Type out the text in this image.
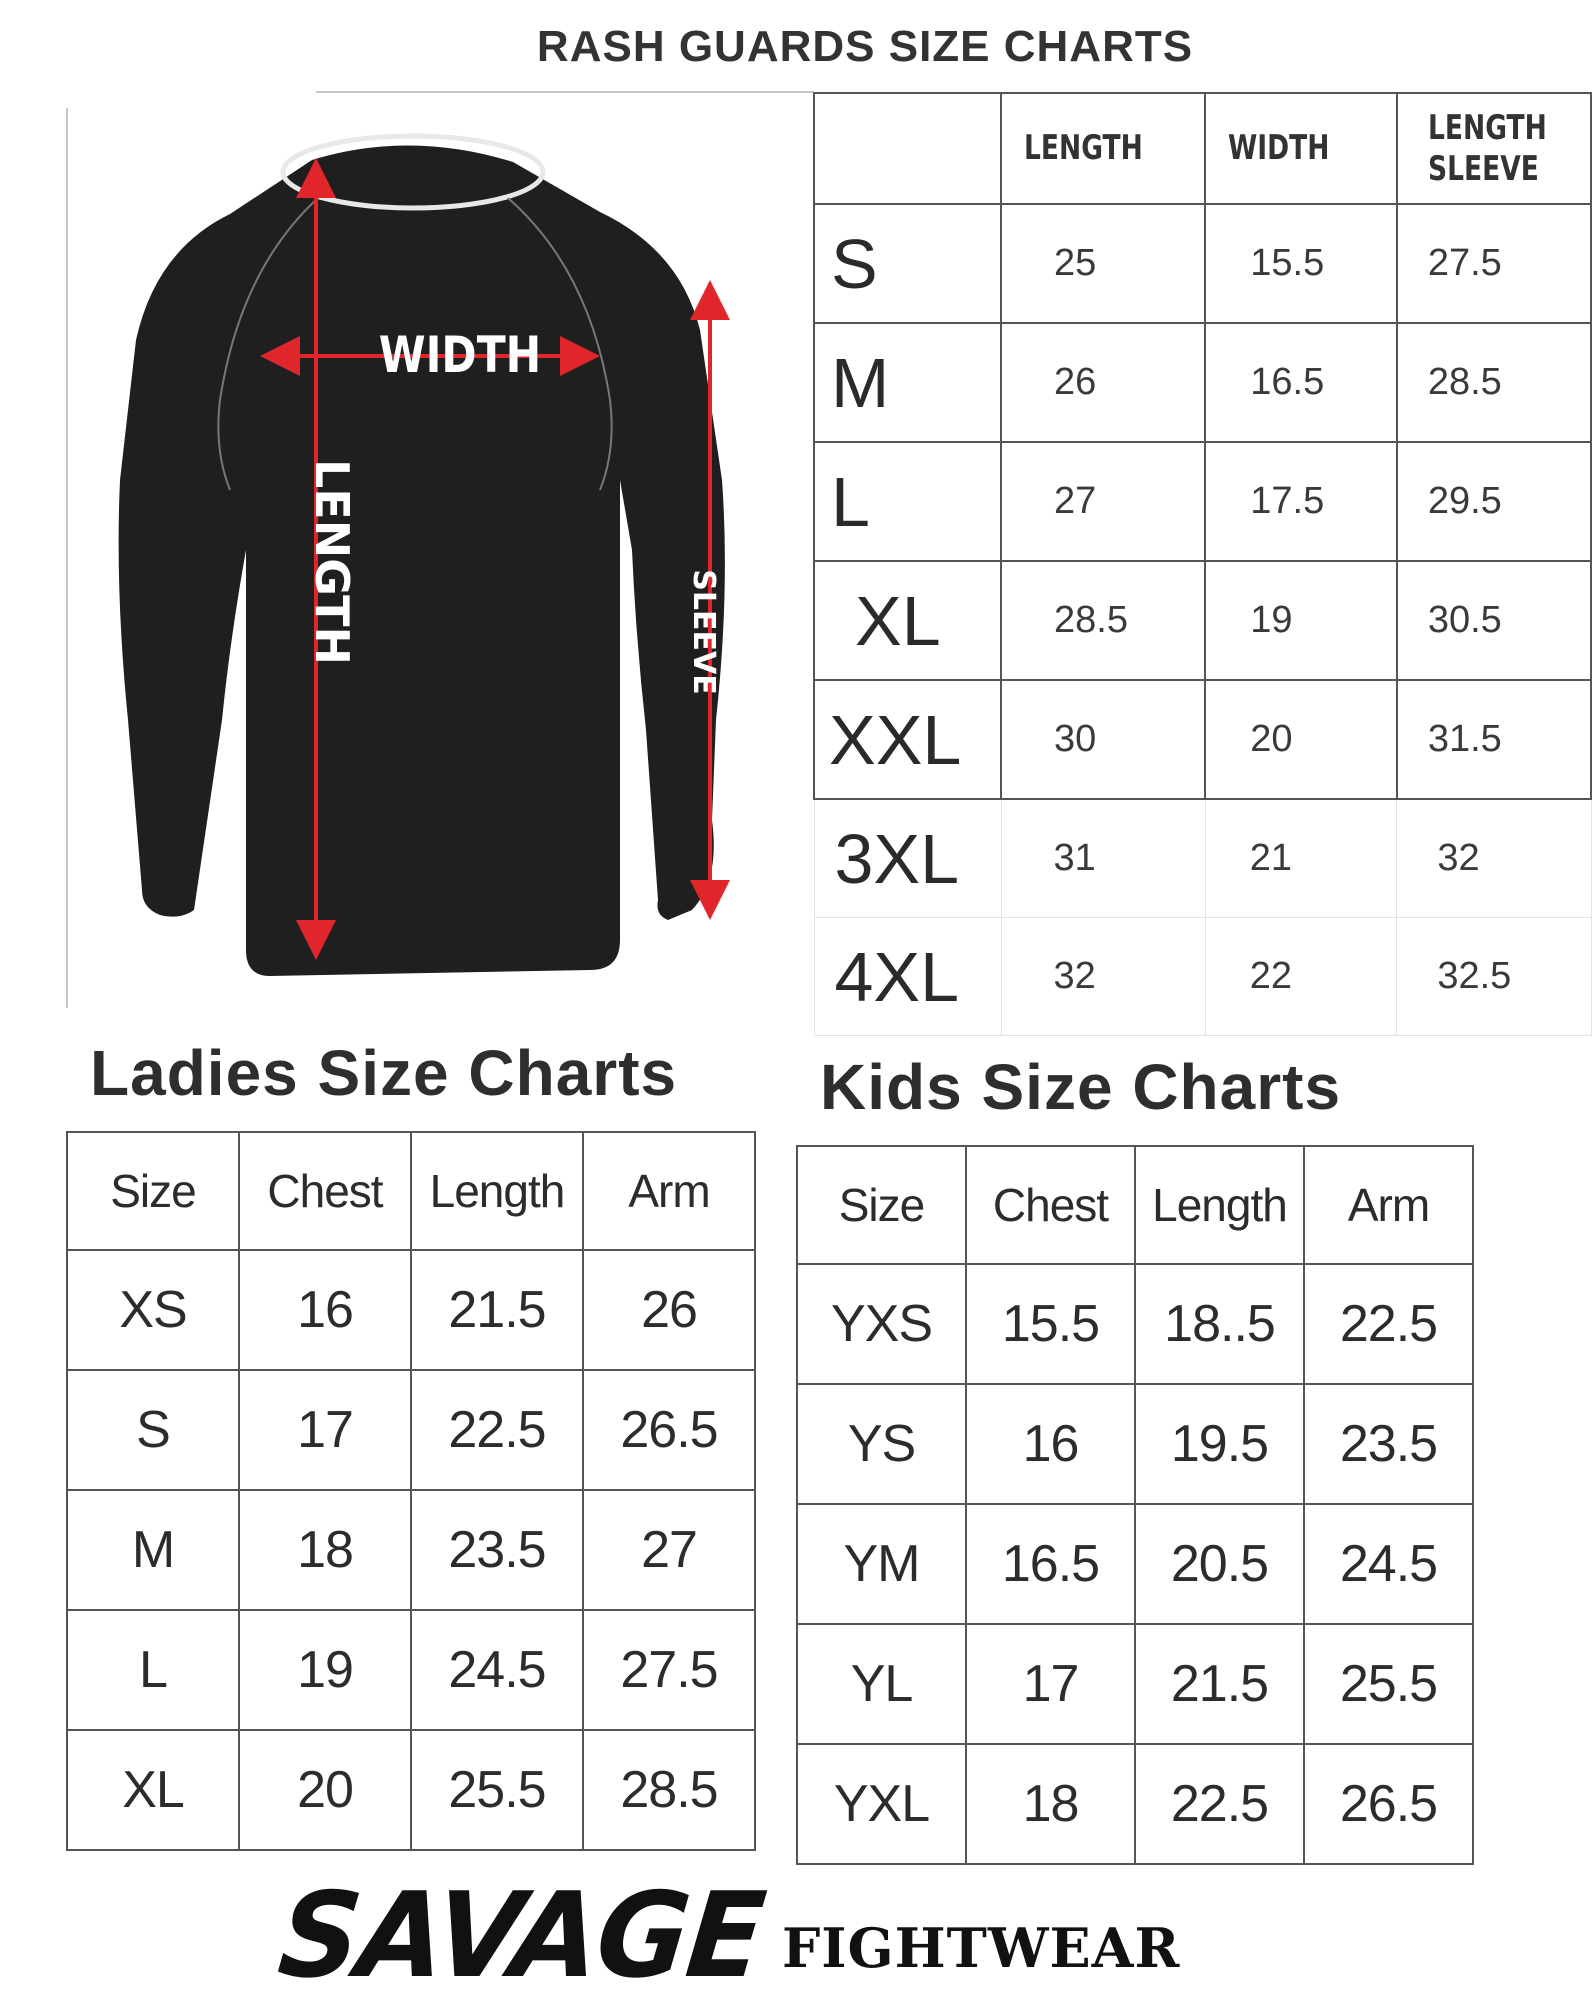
RASH GUARDS SIZE CHARTS
WIDTH
LENGTH	LENGTH
SLEEVE
	LENGTH	WIDTH	LENGTH SLEEVE
S	25	15.5	27.5
M	26	16.5	28.5
L	27	17.5	29.5
XL	28.5	19	30.5
XXL	30	20	31.5
3XL	31	21	32
4XL	32	22	32.5
Ladies Size Charts
Size	Chest	Length	Arm
XS	16	21.5	26
S	17	22.5	26.5
M	18	23.5	27
L	19	24.5	27.5
XL	20	25.5	28.5
Kids Size Charts
Size	Chest	Length	Arm
YXS	15.5	18..5	22.5
YS	16	19.5	23.5
YM	16.5	20.5	24.5
YL	17	21.5	25.5
YXL	18	22.5	26.5
SAVAGE FIGHTWEAR
